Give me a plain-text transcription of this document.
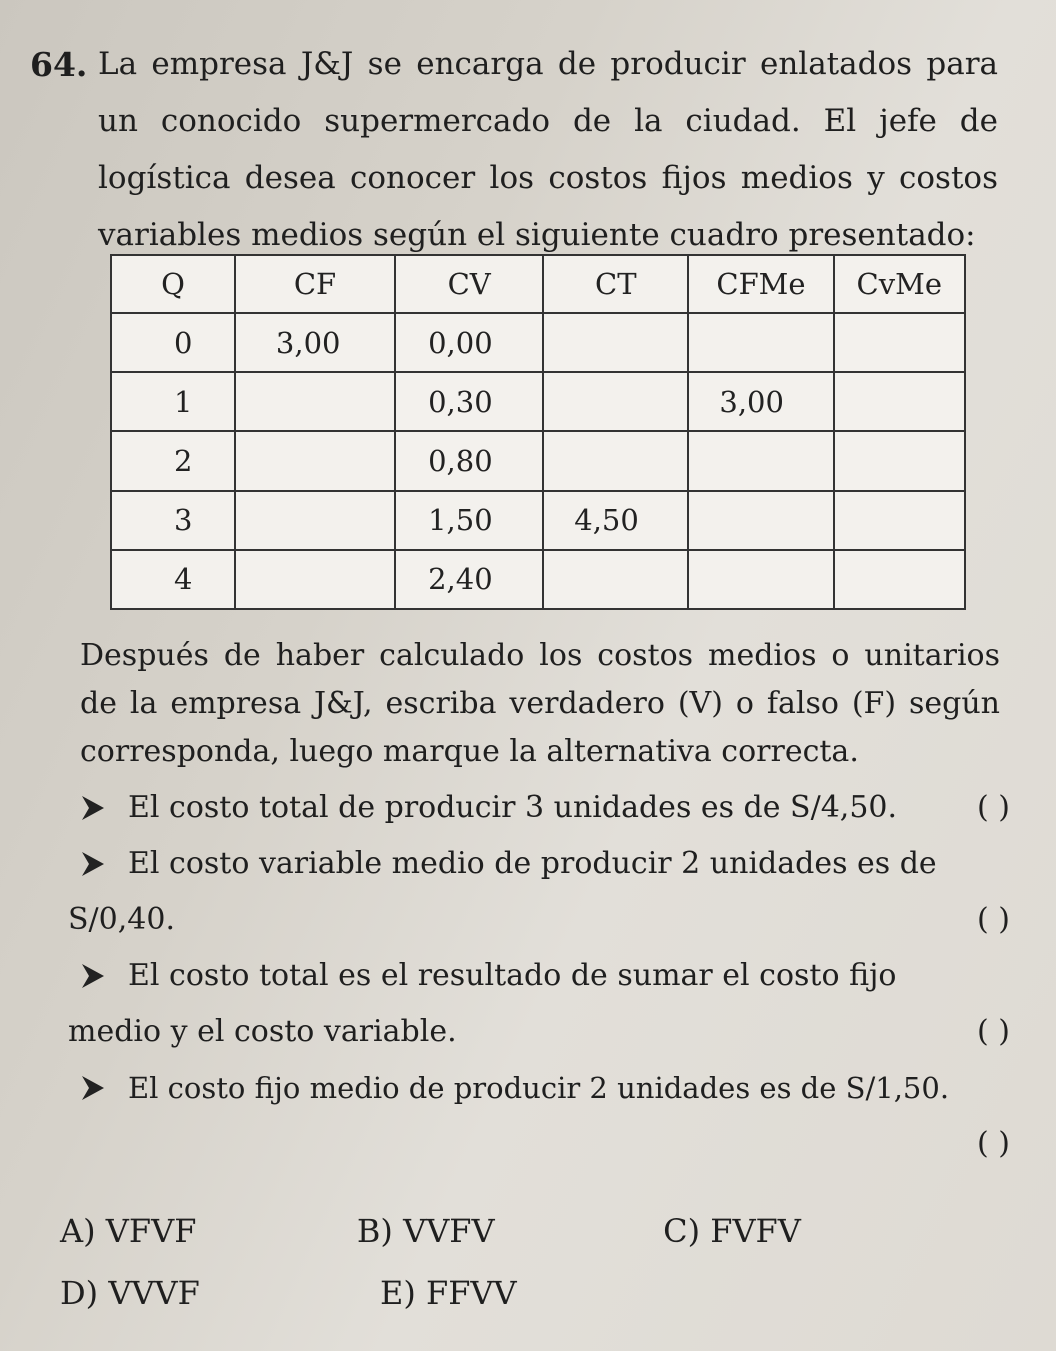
64. La empresa J&J se encarga de producir enlatados para un conocido supermercado de la ciudad. El jefe de logística desea conocer los costos fijos medios y costos variables medios según el siguiente cuadro presentado:
Q	CF	CV	CT	CFMe	CvMe
0	3,00	0,00			
1		0,30		3,00	
2		0,80			
3		1,50	4,50		
4		2,40			
Después de haber calculado los costos medios o unitarios de la empresa J&J, escriba verdadero (V) o falso (F) según corresponda, luego marque la alternativa correcta.
El costo total de producir 3 unidades es de S/4,50.	( )
El costo variable medio de producir 2 unidades es de
S/0,40.	( )
El costo total es el resultado de sumar el costo fijo
medio y el costo variable.	( )
El costo fijo medio de producir 2 unidades es de S/1,50.
( )
A) VFVF	B) VVFV	C) FVFV
D) VVVF	E) FFVV
